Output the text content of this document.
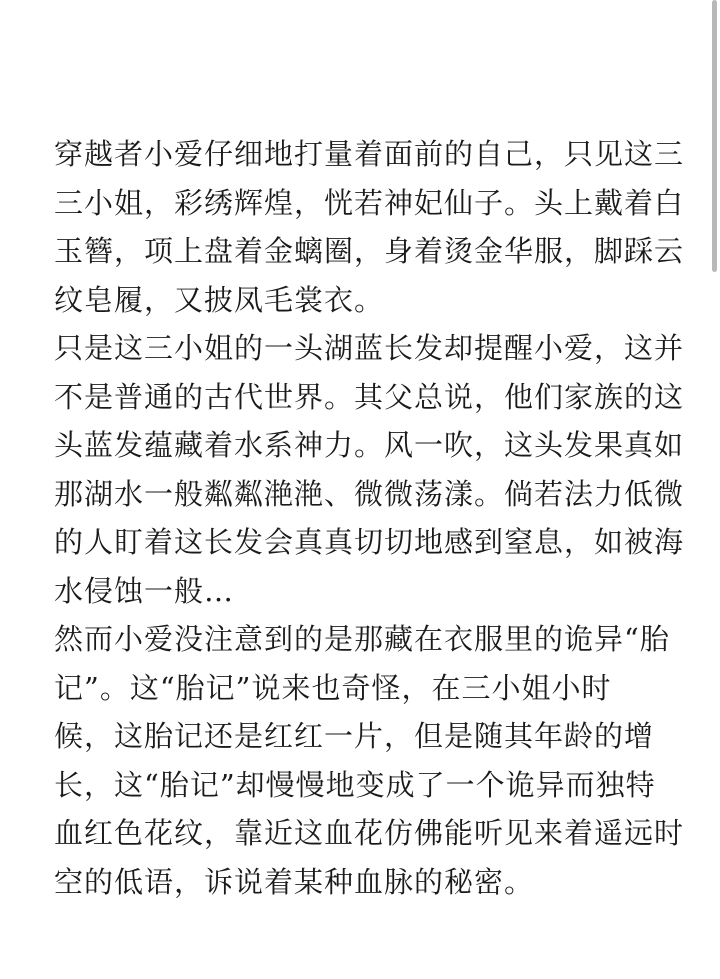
穿越者小爱仔细地打量着面前的自己，只见这三
三小姐，彩绣辉煌，恍若神妃仙子。头上戴着白
玉簪，项上盘着金螭圈，身着烫金华服，脚踩云
纹皂履，又披凤毛裳衣。
只是这三小姐的一头湖蓝长发却提醒小爱，这并
不是普通的古代世界。其父总说，他们家族的这
头蓝发蕴藏着水系神力。风一吹，这头发果真如
那湖水一般粼粼滟滟、微微荡漾。倘若法力低微
的人盯着这长发会真真切切地感到窒息，如被海
水侵蚀一般…
然而小爱没注意到的是那藏在衣服里的诡异“胎
记”。这“胎记”说来也奇怪，在三小姐小时
候，这胎记还是红红一片，但是随其年龄的增
长，这“胎记”却慢慢地变成了一个诡异而独特
血红色花纹，靠近这血花仿佛能听见来着遥远时
空的低语，诉说着某种血脉的秘密。
